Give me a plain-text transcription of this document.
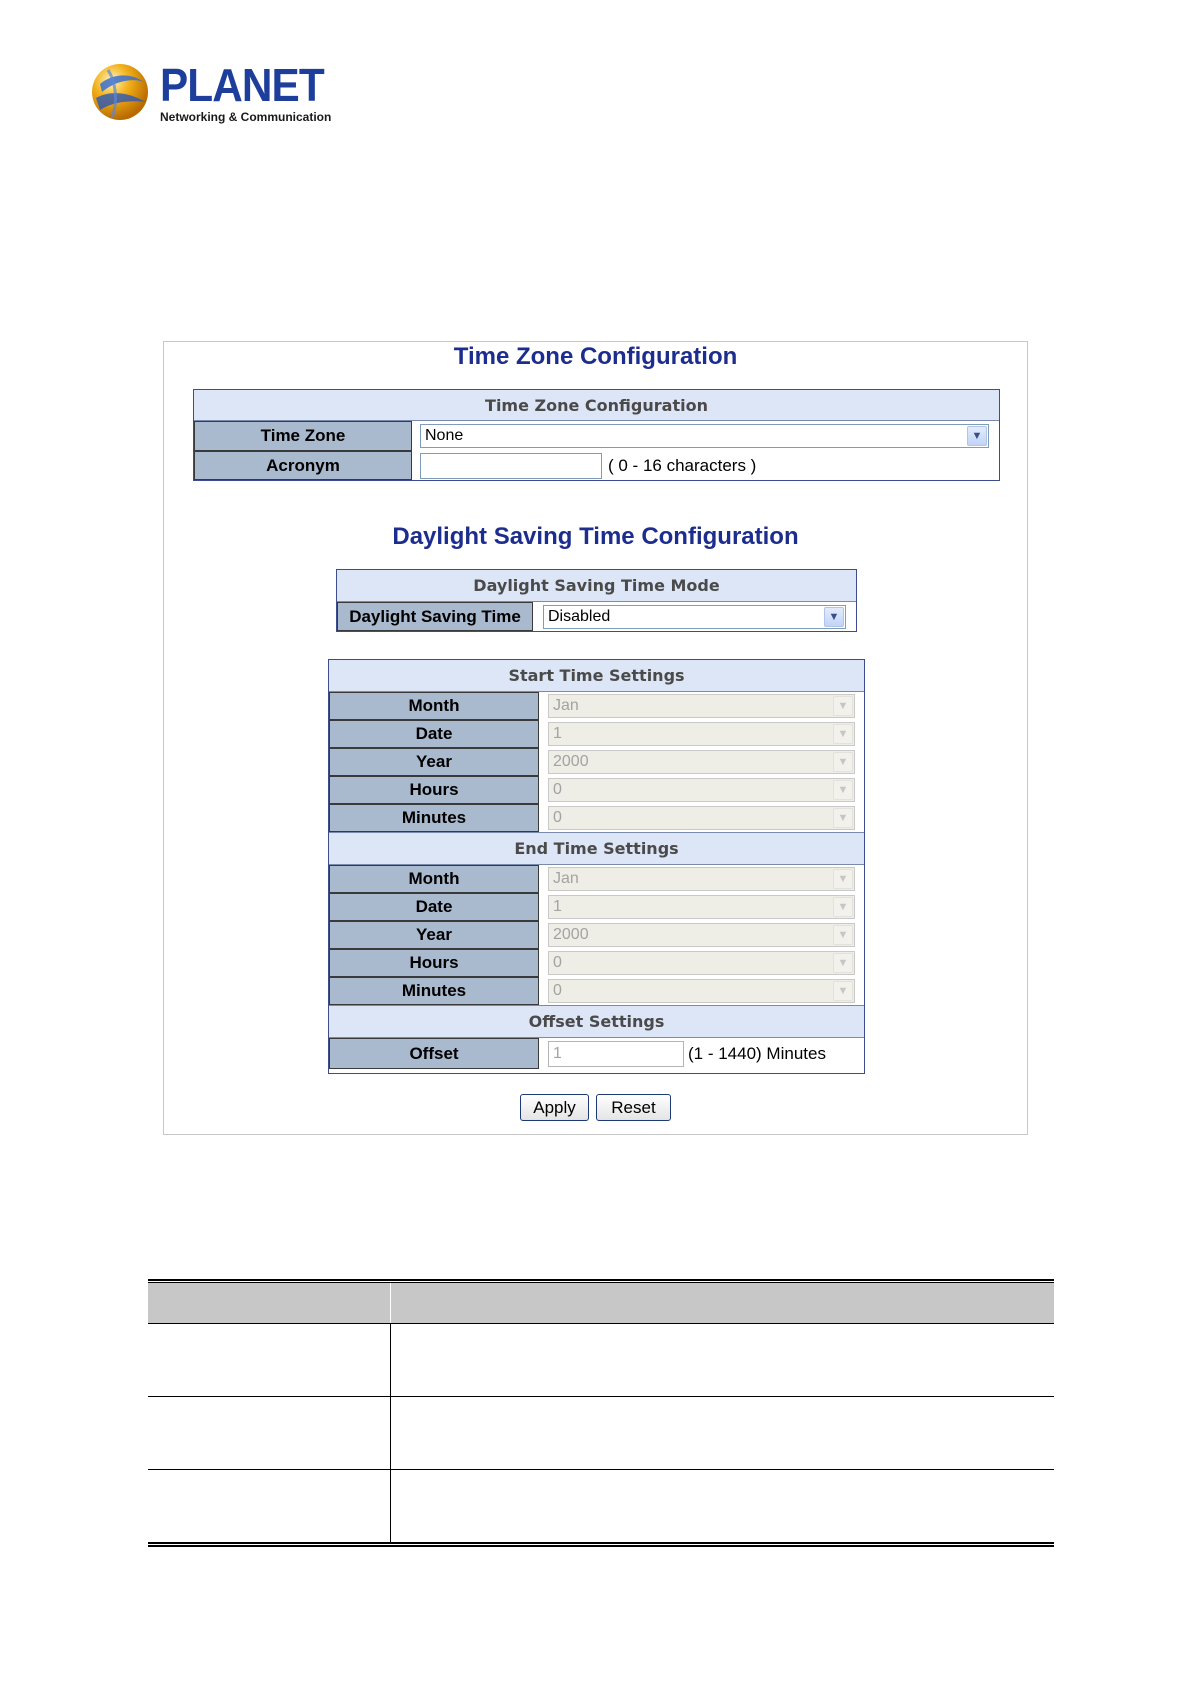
PLANET
Networking & Communication
Time Zone Configuration
Time Zone Configuration
Time Zone	None	▼
Acronym	( 0 - 16 characters )
Daylight Saving Time Configuration
Daylight Saving Time Mode
Daylight Saving Time	Disabled	▼
Start Time Settings
Month	Jan	▼
Date	1	▼
Year	2000	▼
Hours	0	▼
Minutes	0	▼
End Time Settings
Month	Jan	▼
Date	1	▼
Year	2000	▼
Hours	0	▼
Minutes	0	▼
Offset Settings
Offset	1	(1 - 1440) Minutes
Apply	Reset
